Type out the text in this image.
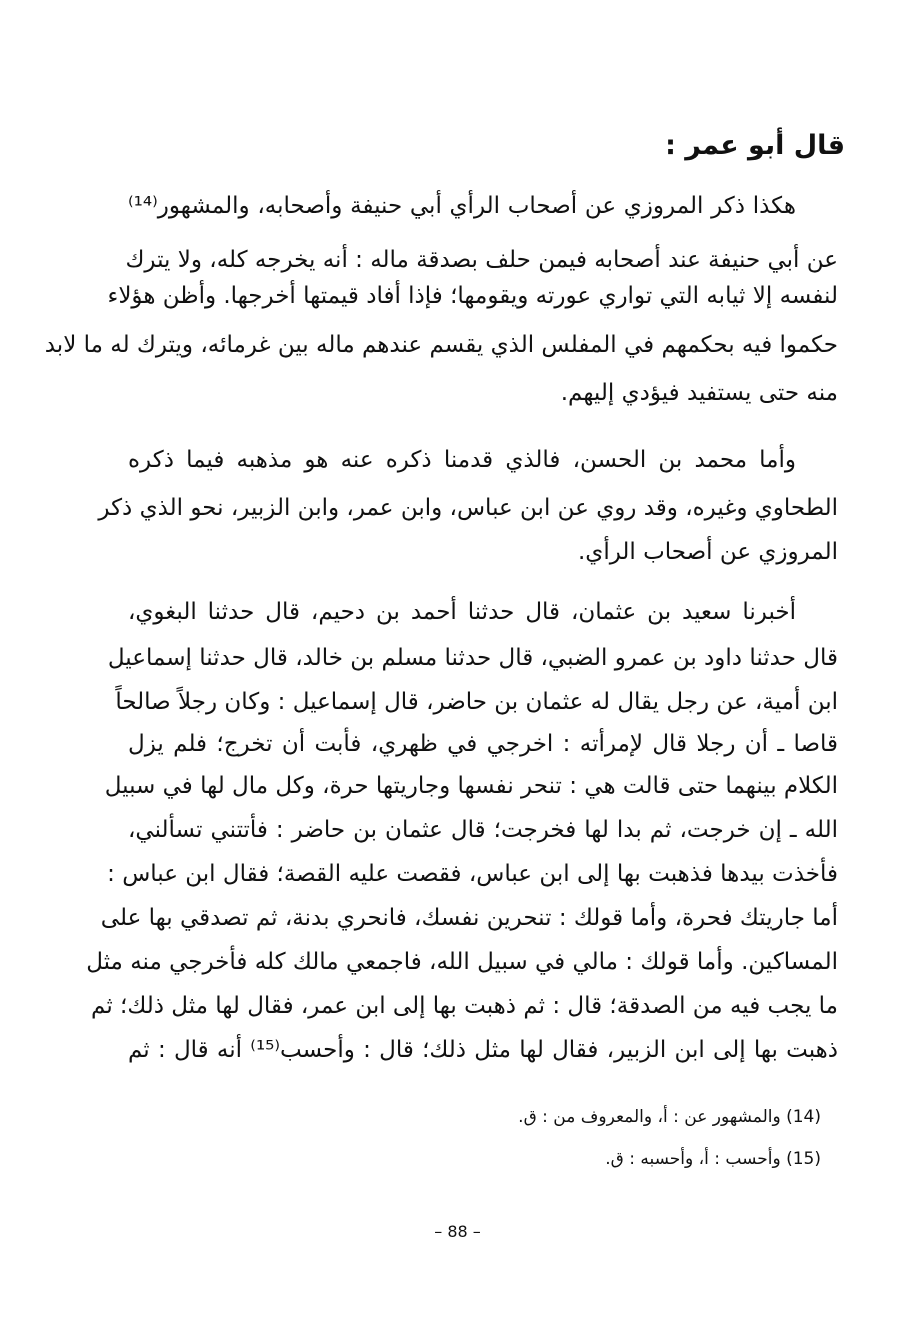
قال أبو عمر :
هكذا ذكر المروزي عن أصحاب الرأي أبي حنيفة وأصحابه، والمشهور⁽¹⁴⁾
عن أبي حنيفة عند أصحابه فيمن حلف بصدقة ماله : أنه يخرجه كله، ولا يترك
لنفسه إلا ثيابه التي تواري عورته ويقومها؛ فإذا أفاد قيمتها أخرجها. وأظن هؤلاء
حكموا فيه بحكمهم في المفلس الذي يقسم عندهم ماله بين غرمائه، ويترك له ما لابد
منه حتى يستفيد فيؤدي إليهم.
وأما محمد بن الحسن، فالذي قدمنا ذكره عنه هو مذهبه فيما ذكره
الطحاوي وغيره، وقد روي عن ابن عباس، وابن عمر، وابن الزبير، نحو الذي ذكر
المروزي عن أصحاب الرأي.
أخبرنا سعيد بن عثمان، قال حدثنا أحمد بن دحيم، قال حدثنا البغوي،
قال حدثنا داود بن عمرو الضبي، قال حدثنا مسلم بن خالد، قال حدثنا إسماعيل
ابن أمية، عن رجل يقال له عثمان بن حاضر، قال إسماعيل : وكان رجلاً صالحاً
قاصا ـ أن رجلا قال لإمرأته : اخرجي في ظهري، فأبت أن تخرج؛ فلم يزل
الكلام بينهما حتى قالت هي : تنحر نفسها وجاريتها حرة، وكل مال لها في سبيل
الله ـ إن خرجت، ثم بدا لها فخرجت؛ قال عثمان بن حاضر : فأتتني تسألني،
فأخذت بيدها فذهبت بها إلى ابن عباس، فقصت عليه القصة؛ فقال ابن عباس :
أما جاريتك فحرة، وأما قولك : تنحرين نفسك، فانحري بدنة، ثم تصدقي بها على
المساكين. وأما قولك : مالي في سبيل الله، فاجمعي مالك كله فأخرجي منه مثل
ما يجب فيه من الصدقة؛ قال : ثم ذهبت بها إلى ابن عمر، فقال لها مثل ذلك؛ ثم
ذهبت بها إلى ابن الزبير، فقال لها مثل ذلك؛ قال : وأحسب⁽¹⁵⁾ أنه قال : ثم
(14) والمشهور عن : أ، والمعروف من : ق.
(15) وأحسب : أ، وأحسبه : ق.
– 88 –
